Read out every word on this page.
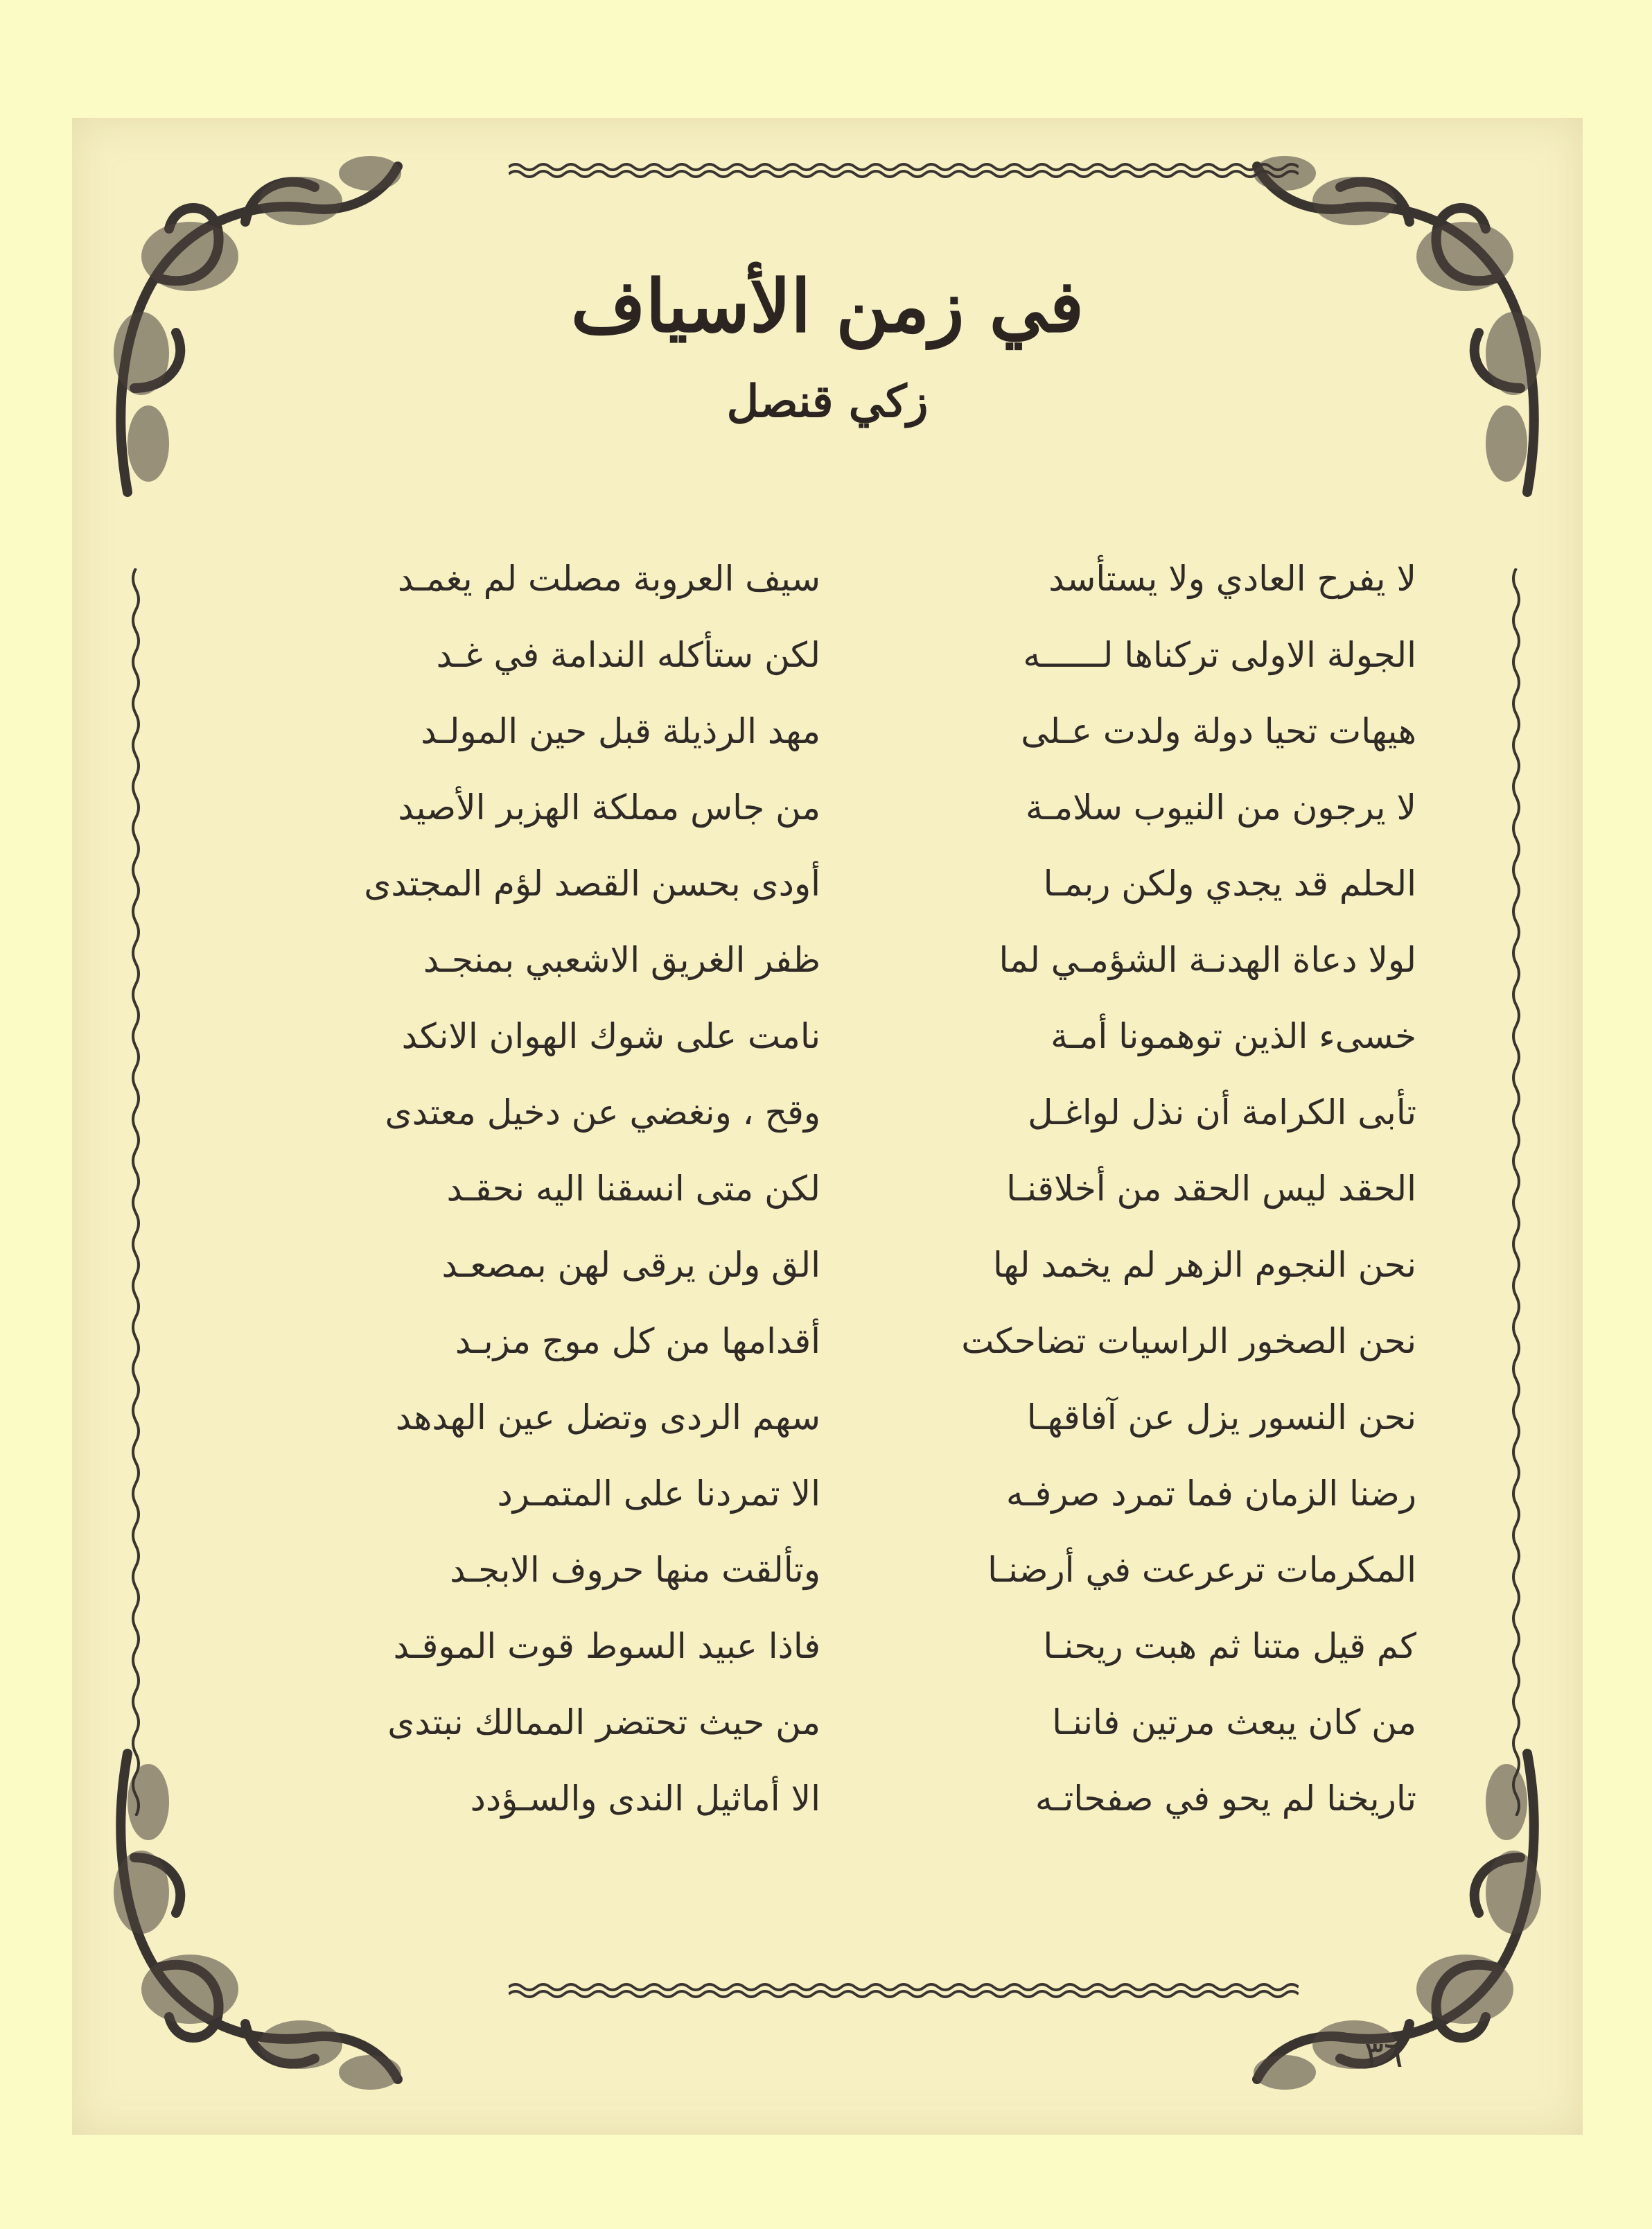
في زمن الأسياف
زكي قنصل
لا يفرح العادي ولا يستأسد
الجولة الاولى تركناها لــــــه
هيهات تحيا دولة ولدت عـلى
لا يرجون من النيوب سلامـة
الحلم قد يجدي ولكن ربمـا
لولا دعاة الهدنـة الشؤمـي لما
خسىء الذين توهمونا أمـة
تأبى الكرامة أن نذل لواغـل
الحقد ليس الحقد من أخلاقنـا
نحن النجوم الزهر لم يخمد لها
نحن الصخور الراسيات تضاحكت
نحن النسور يزل عن آفاقهـا
رضنا الزمان فما تمرد صرفـه
المكرمات ترعرعت في أرضنـا
كم قيل متنا ثم هبت ريحنـا
من كان يبعث مرتين فاننـا
تاريخنا لم يحو في صفحاتـه
سيف العروبة مصلت لم يغمـد
لكن ستأكله الندامة في غـد
مهد الرذيلة قبل حين المولـد
من جاس مملكة الهزبر الأصيد
أودى بحسن القصد لؤم المجتدى
ظفر الغريق الاشعبي بمنجـد
نامت على شوك الهوان الانكد
وقح ، ونغضي عن دخيل معتدى
لكن متى انسقنا اليه نحقـد
الق ولن يرقى لهن بمصعـد
أقدامها من كل موج مزبـد
سهم الردى وتضل عين الهدهد
الا تمردنا على المتمـرد
وتألقت منها حروف الابجـد
فاذا عبيد السوط قوت الموقـد
من حيث تحتضر الممالك نبتدى
الا أماثيل الندى والسـؤدد
٣٦
